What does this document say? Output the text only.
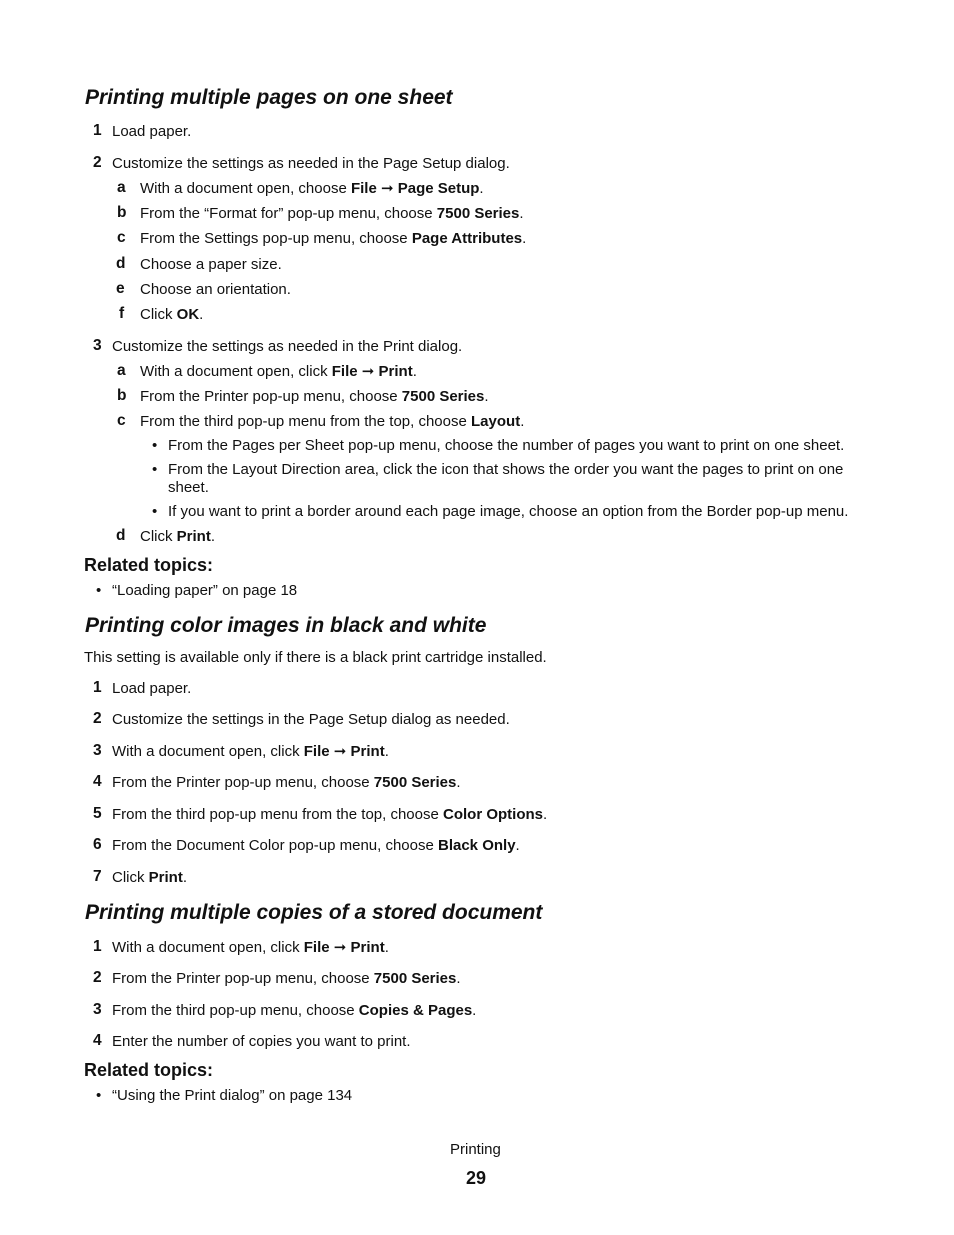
Printing multiple pages on one sheet
1 Load paper.
2 Customize the settings as needed in the Page Setup dialog.
a With a document open, choose File ➞ Page Setup.
b From the “Format for” pop-up menu, choose 7500 Series.
c From the Settings pop-up menu, choose Page Attributes.
d Choose a paper size.
e Choose an orientation.
f Click OK.
3 Customize the settings as needed in the Print dialog.
a With a document open, click File ➞ Print.
b From the Printer pop-up menu, choose 7500 Series.
c From the third pop-up menu from the top, choose Layout.
• From the Pages per Sheet pop-up menu, choose the number of pages you want to print on one sheet.
• From the Layout Direction area, click the icon that shows the order you want the pages to print on one
sheet.
• If you want to print a border around each page image, choose an option from the Border pop-up menu.
d Click Print.
Related topics:
• “Loading paper” on page 18
Printing color images in black and white
This setting is available only if there is a black print cartridge installed.
1 Load paper.
2 Customize the settings in the Page Setup dialog as needed.
3 With a document open, click File ➞ Print.
4 From the Printer pop-up menu, choose 7500 Series.
5 From the third pop-up menu from the top, choose Color Options.
6 From the Document Color pop-up menu, choose Black Only.
7 Click Print.
Printing multiple copies of a stored document
1 With a document open, click File ➞ Print.
2 From the Printer pop-up menu, choose 7500 Series.
3 From the third pop-up menu, choose Copies & Pages.
4 Enter the number of copies you want to print.
Related topics:
• “Using the Print dialog” on page 134
Printing
29
